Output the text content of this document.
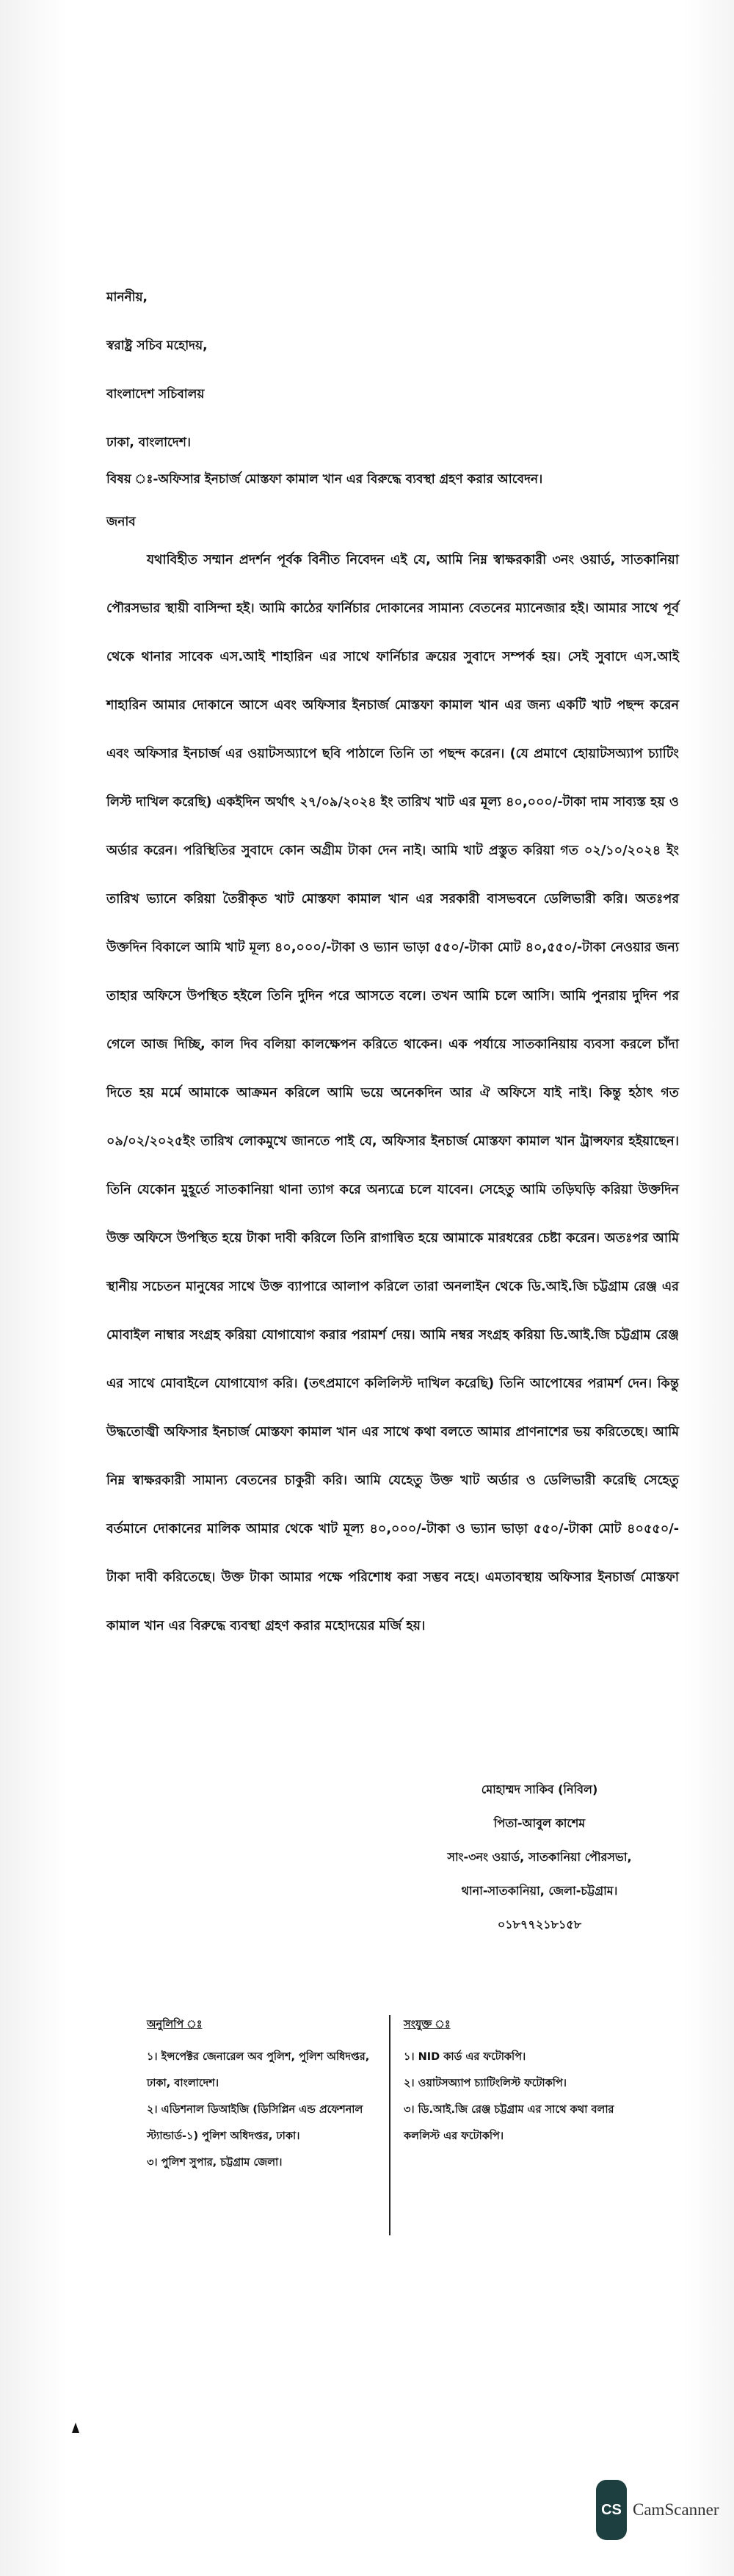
মাননীয়,
স্বরাষ্ট্র সচিব মহোদয়,
বাংলাদেশ সচিবালয়
ঢাকা, বাংলাদেশ।
বিষয় ঃ-অফিসার ইনচার্জ মোস্তফা কামাল খান এর বিরুদ্ধে ব্যবস্থা গ্রহণ করার আবেদন।
জনাব

যথাবিহীত সম্মান প্রদর্শন পূর্বক বিনীত নিবেদন এই যে, আমি নিম্ন স্বাক্ষরকারী ৩নং ওয়ার্ড, সাতকানিয়া পৌরসভার স্থায়ী বাসিন্দা হই। আমি কাঠের ফার্নিচার দোকানের সামান্য বেতনের ম্যানেজার হই। আমার সাথে পূর্ব থেকে থানার সাবেক এস.আই শাহারিন এর সাথে ফার্নিচার ক্রয়ের সুবাদে সম্পর্ক হয়। সেই সুবাদে এস.আই শাহারিন আমার দোকানে আসে এবং অফিসার ইনচার্জ মোস্তফা কামাল খান এর জন্য একটি খাট পছন্দ করেন এবং অফিসার ইনচার্জ এর ওয়াটসঅ্যাপে ছবি পাঠালে তিনি তা পছন্দ করেন। (যে প্রমাণে হোয়াটসঅ্যাপ চ্যাটিং লিস্ট দাখিল করেছি) একইদিন অর্থাৎ ২৭/০৯/২০২৪ ইং তারিখ খাট এর মূল্য ৪০,০০০/-টাকা দাম সাব্যস্ত হয় ও অর্ডার করেন। পরিস্থিতির সুবাদে কোন অগ্রীম টাকা দেন নাই। আমি খাট প্রস্তুত করিয়া গত ০২/১০/২০২৪ ইং তারিখ ভ্যানে করিয়া তৈরীকৃত খাট মোস্তফা কামাল খান এর সরকারী বাসভবনে ডেলিভারী করি। অতঃপর উক্তদিন বিকালে আমি খাট মূল্য ৪০,০০০/-টাকা ও ভ্যান ভাড়া ৫৫০/-টাকা মোট ৪০,৫৫০/-টাকা নেওয়ার জন্য তাহার অফিসে উপস্থিত হইলে তিনি দুদিন পরে আসতে বলে। তখন আমি চলে আসি। আমি পুনরায় দুদিন পর গেলে আজ দিচ্ছি, কাল দিব বলিয়া কালক্ষেপন করিতে থাকেন। এক পর্যায়ে সাতকানিয়ায় ব্যবসা করলে চাঁদা দিতে হয় মর্মে আমাকে আক্রমন করিলে আমি ভয়ে অনেকদিন আর ঐ অফিসে যাই নাই। কিন্তু হঠাৎ গত ০৯/০২/২০২৫ইং তারিখ লোকমুখে জানতে পাই যে, অফিসার ইনচার্জ মোস্তফা কামাল খান ট্রান্সফার হইয়াছেন। তিনি যেকোন মুহূর্তে সাতকানিয়া থানা ত্যাগ করে অন্যত্রে চলে যাবেন। সেহেতু আমি তড়িঘড়ি করিয়া উক্তদিন উক্ত অফিসে উপস্থিত হয়ে টাকা দাবী করিলে তিনি রাগান্বিত হয়ে আমাকে মারধরের চেষ্টা করেন। অতঃপর আমি স্থানীয় সচেতন মানুষের সাথে উক্ত ব্যাপারে আলাপ করিলে তারা অনলাইন থেকে ডি.আই.জি চট্টগ্রাম রেঞ্জ এর মোবাইল নাম্বার সংগ্রহ করিয়া যোগাযোগ করার পরামর্শ দেয়। আমি নম্বর সংগ্রহ করিয়া ডি.আই.জি চট্টগ্রাম রেঞ্জ এর সাথে মোবাইলে যোগাযোগ করি। (তৎপ্রমাণে কলিলিস্ট দাখিল করেছি) তিনি আপোষের পরামর্শ দেন। কিন্তু উদ্ধতোজ্বী অফিসার ইনচার্জ মোস্তফা কামাল খান এর সাথে কথা বলতে আমার প্রাণনাশের ভয় করিতেছে। আমি নিম্ন স্বাক্ষরকারী সামান্য বেতনের চাকুরী করি। আমি যেহেতু উক্ত খাট অর্ডার ও ডেলিভারী করেছি সেহেতু বর্তমানে দোকানের মালিক আমার থেকে খাট মূল্য ৪০,০০০/-টাকা ও ভ্যান ভাড়া ৫৫০/-টাকা মোট ৪০৫৫০/-টাকা দাবী করিতেছে। উক্ত টাকা আমার পক্ষে পরিশোধ করা সম্ভব নহে। এমতাবস্থায় অফিসার ইনচার্জ মোস্তফা কামাল খান এর বিরুদ্ধে ব্যবস্থা গ্রহণ করার মহোদয়ের মর্জি হয়।

মোহাম্মদ সাকিব (নিবিল)
পিতা-আবুল কাশেম
সাং-৩নং ওয়ার্ড, সাতকানিয়া পৌরসভা,
থানা-সাতকানিয়া, জেলা-চট্টগ্রাম।
০১৮৭৭২১৮১৫৮
অনুলিপি ঃ
১। ইন্সপেক্টর জেনারেল অব পুলিশ, পুলিশ অধিদপ্তর, ঢাকা, বাংলাদেশ।
২। এডিশনাল ডিআইজি (ডিসিপ্লিন এন্ড প্রফেশনাল স্ট্যান্ডার্ড-১) পুলিশ অধিদপ্তর, ঢাকা।
৩। পুলিশ সুপার, চট্টগ্রাম জেলা।
সংযুক্ত ঃ
১। NID কার্ড এর ফটোকপি।
২। ওয়াটসঅ্যাপ চ্যাটিংলিস্ট ফটোকপি।
৩। ডি.আই.জি রেঞ্জ চট্টগ্রাম এর সাথে কথা বলার কললিস্ট এর ফটোকপি।
CS CamScanner
